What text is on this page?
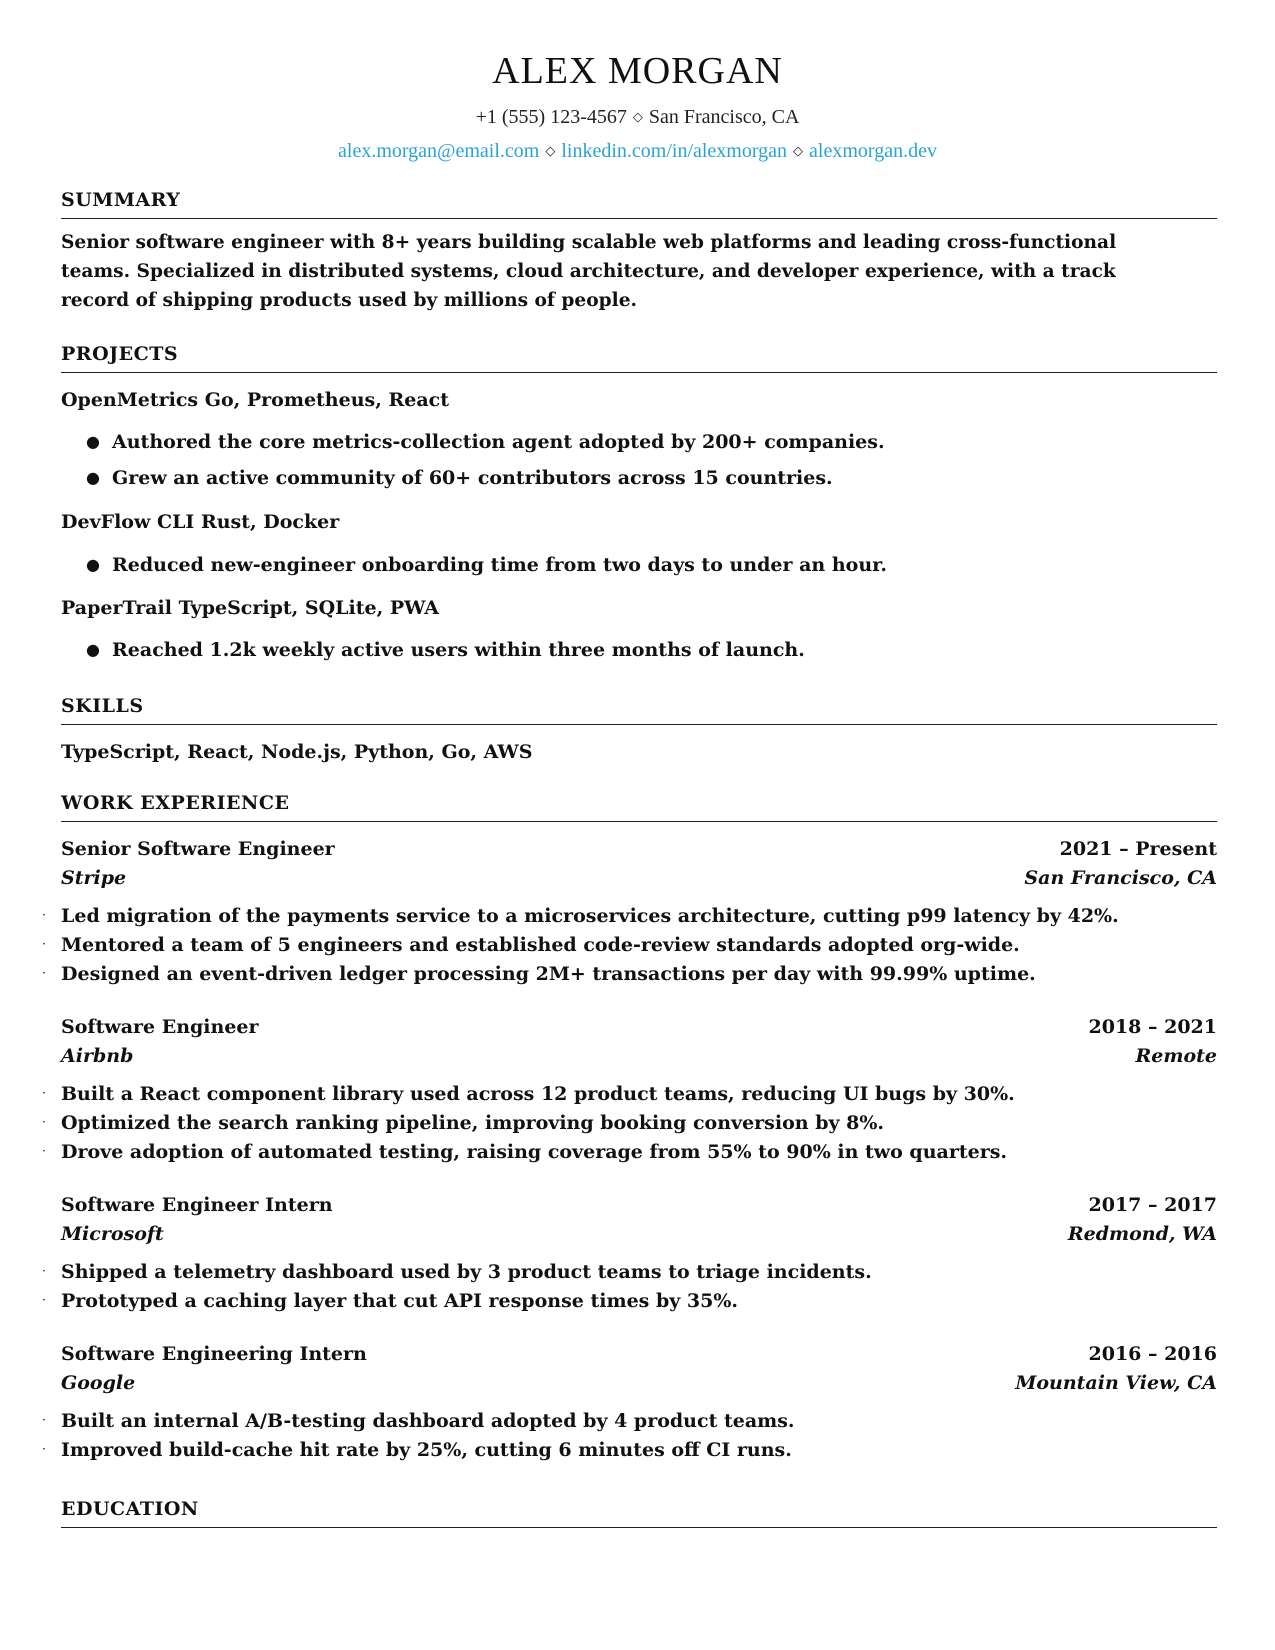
ALEX MORGAN
+1 (555) 123-4567 ◇ San Francisco, CA
alex.morgan@email.com ◇ linkedin.com/in/alexmorgan ◇ alexmorgan.dev
SUMMARY
Senior software engineer with 8+ years building scalable web platforms and leading cross-functional
teams. Specialized in distributed systems, cloud architecture, and developer experience, with a track
record of shipping products used by millions of people.
PROJECTS
OpenMetrics Go, Prometheus, React
● Authored the core metrics-collection agent adopted by 200+ companies.
● Grew an active community of 60+ contributors across 15 countries.
DevFlow CLI Rust, Docker
● Reduced new-engineer onboarding time from two days to under an hour.
PaperTrail TypeScript, SQLite, PWA
● Reached 1.2k weekly active users within three months of launch.
SKILLS
TypeScript, React, Node.js, Python, Go, AWS
WORK EXPERIENCE
Senior Software Engineer	2021 – Present
Stripe	San Francisco, CA
· Led migration of the payments service to a microservices architecture, cutting p99 latency by 42%.
· Mentored a team of 5 engineers and established code-review standards adopted org-wide.
· Designed an event-driven ledger processing 2M+ transactions per day with 99.99% uptime.
Software Engineer	2018 – 2021
Airbnb	Remote
· Built a React component library used across 12 product teams, reducing UI bugs by 30%.
· Optimized the search ranking pipeline, improving booking conversion by 8%.
· Drove adoption of automated testing, raising coverage from 55% to 90% in two quarters.
Software Engineer Intern	2017 – 2017
Microsoft	Redmond, WA
· Shipped a telemetry dashboard used by 3 product teams to triage incidents.
· Prototyped a caching layer that cut API response times by 35%.
Software Engineering Intern	2016 – 2016
Google	Mountain View, CA
· Built an internal A/B-testing dashboard adopted by 4 product teams.
· Improved build-cache hit rate by 25%, cutting 6 minutes off CI runs.
EDUCATION
